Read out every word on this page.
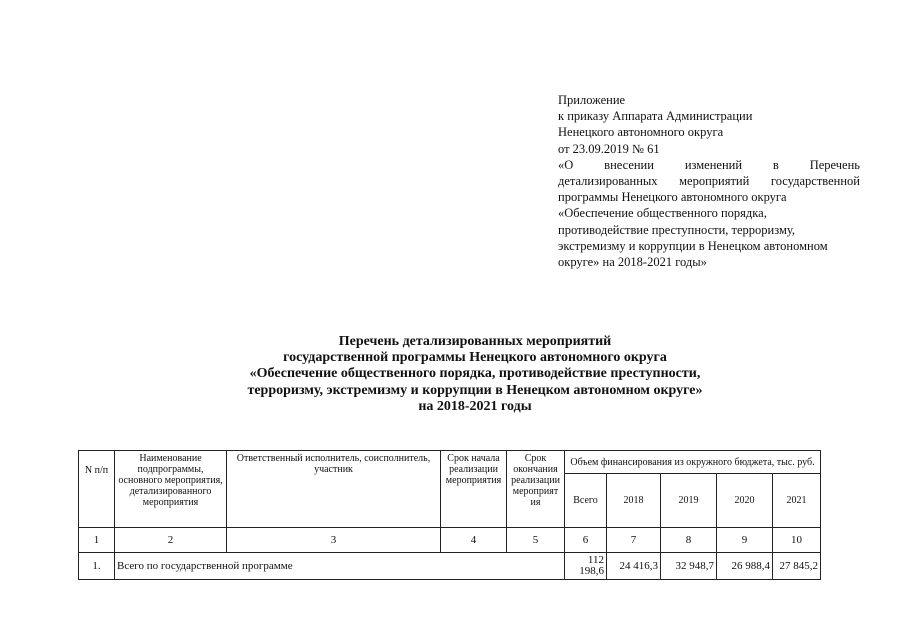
Приложение
к приказу Аппарата Администрации
Ненецкого автономного округа
от 23.09.2019 № 61
«О внесении изменений в Перечень
детализированных мероприятий государственной
программы Ненецкого автономного округа
«Обеспечение общественного порядка,
противодействие преступности, терроризму,
экстремизму и коррупции в Ненецком автономном
округе» на 2018-2021 годы»
Перечень детализированных мероприятий
государственной программы Ненецкого автономного округа
«Обеспечение общественного порядка, противодействие преступности,
терроризму, экстремизму и коррупции в Ненецком автономном округе»
на 2018-2021 годы
N п/п	Наименование подпрограммы, основного мероприятия, детализированного мероприятия	Ответственный исполнитель, соисполнитель, участник	Срок начала реализации мероприятия	Срок окончания реализации мероприят ия	Объем финансирования из окружного бюджета, тыс. руб.				
					Всего	2018	2019	2020	2021
1	2	3	4	5	6	7	8	9	10
1.	Всего по государственной программе				112 198,6	24 416,3	32 948,7	26 988,4	27 845,2
